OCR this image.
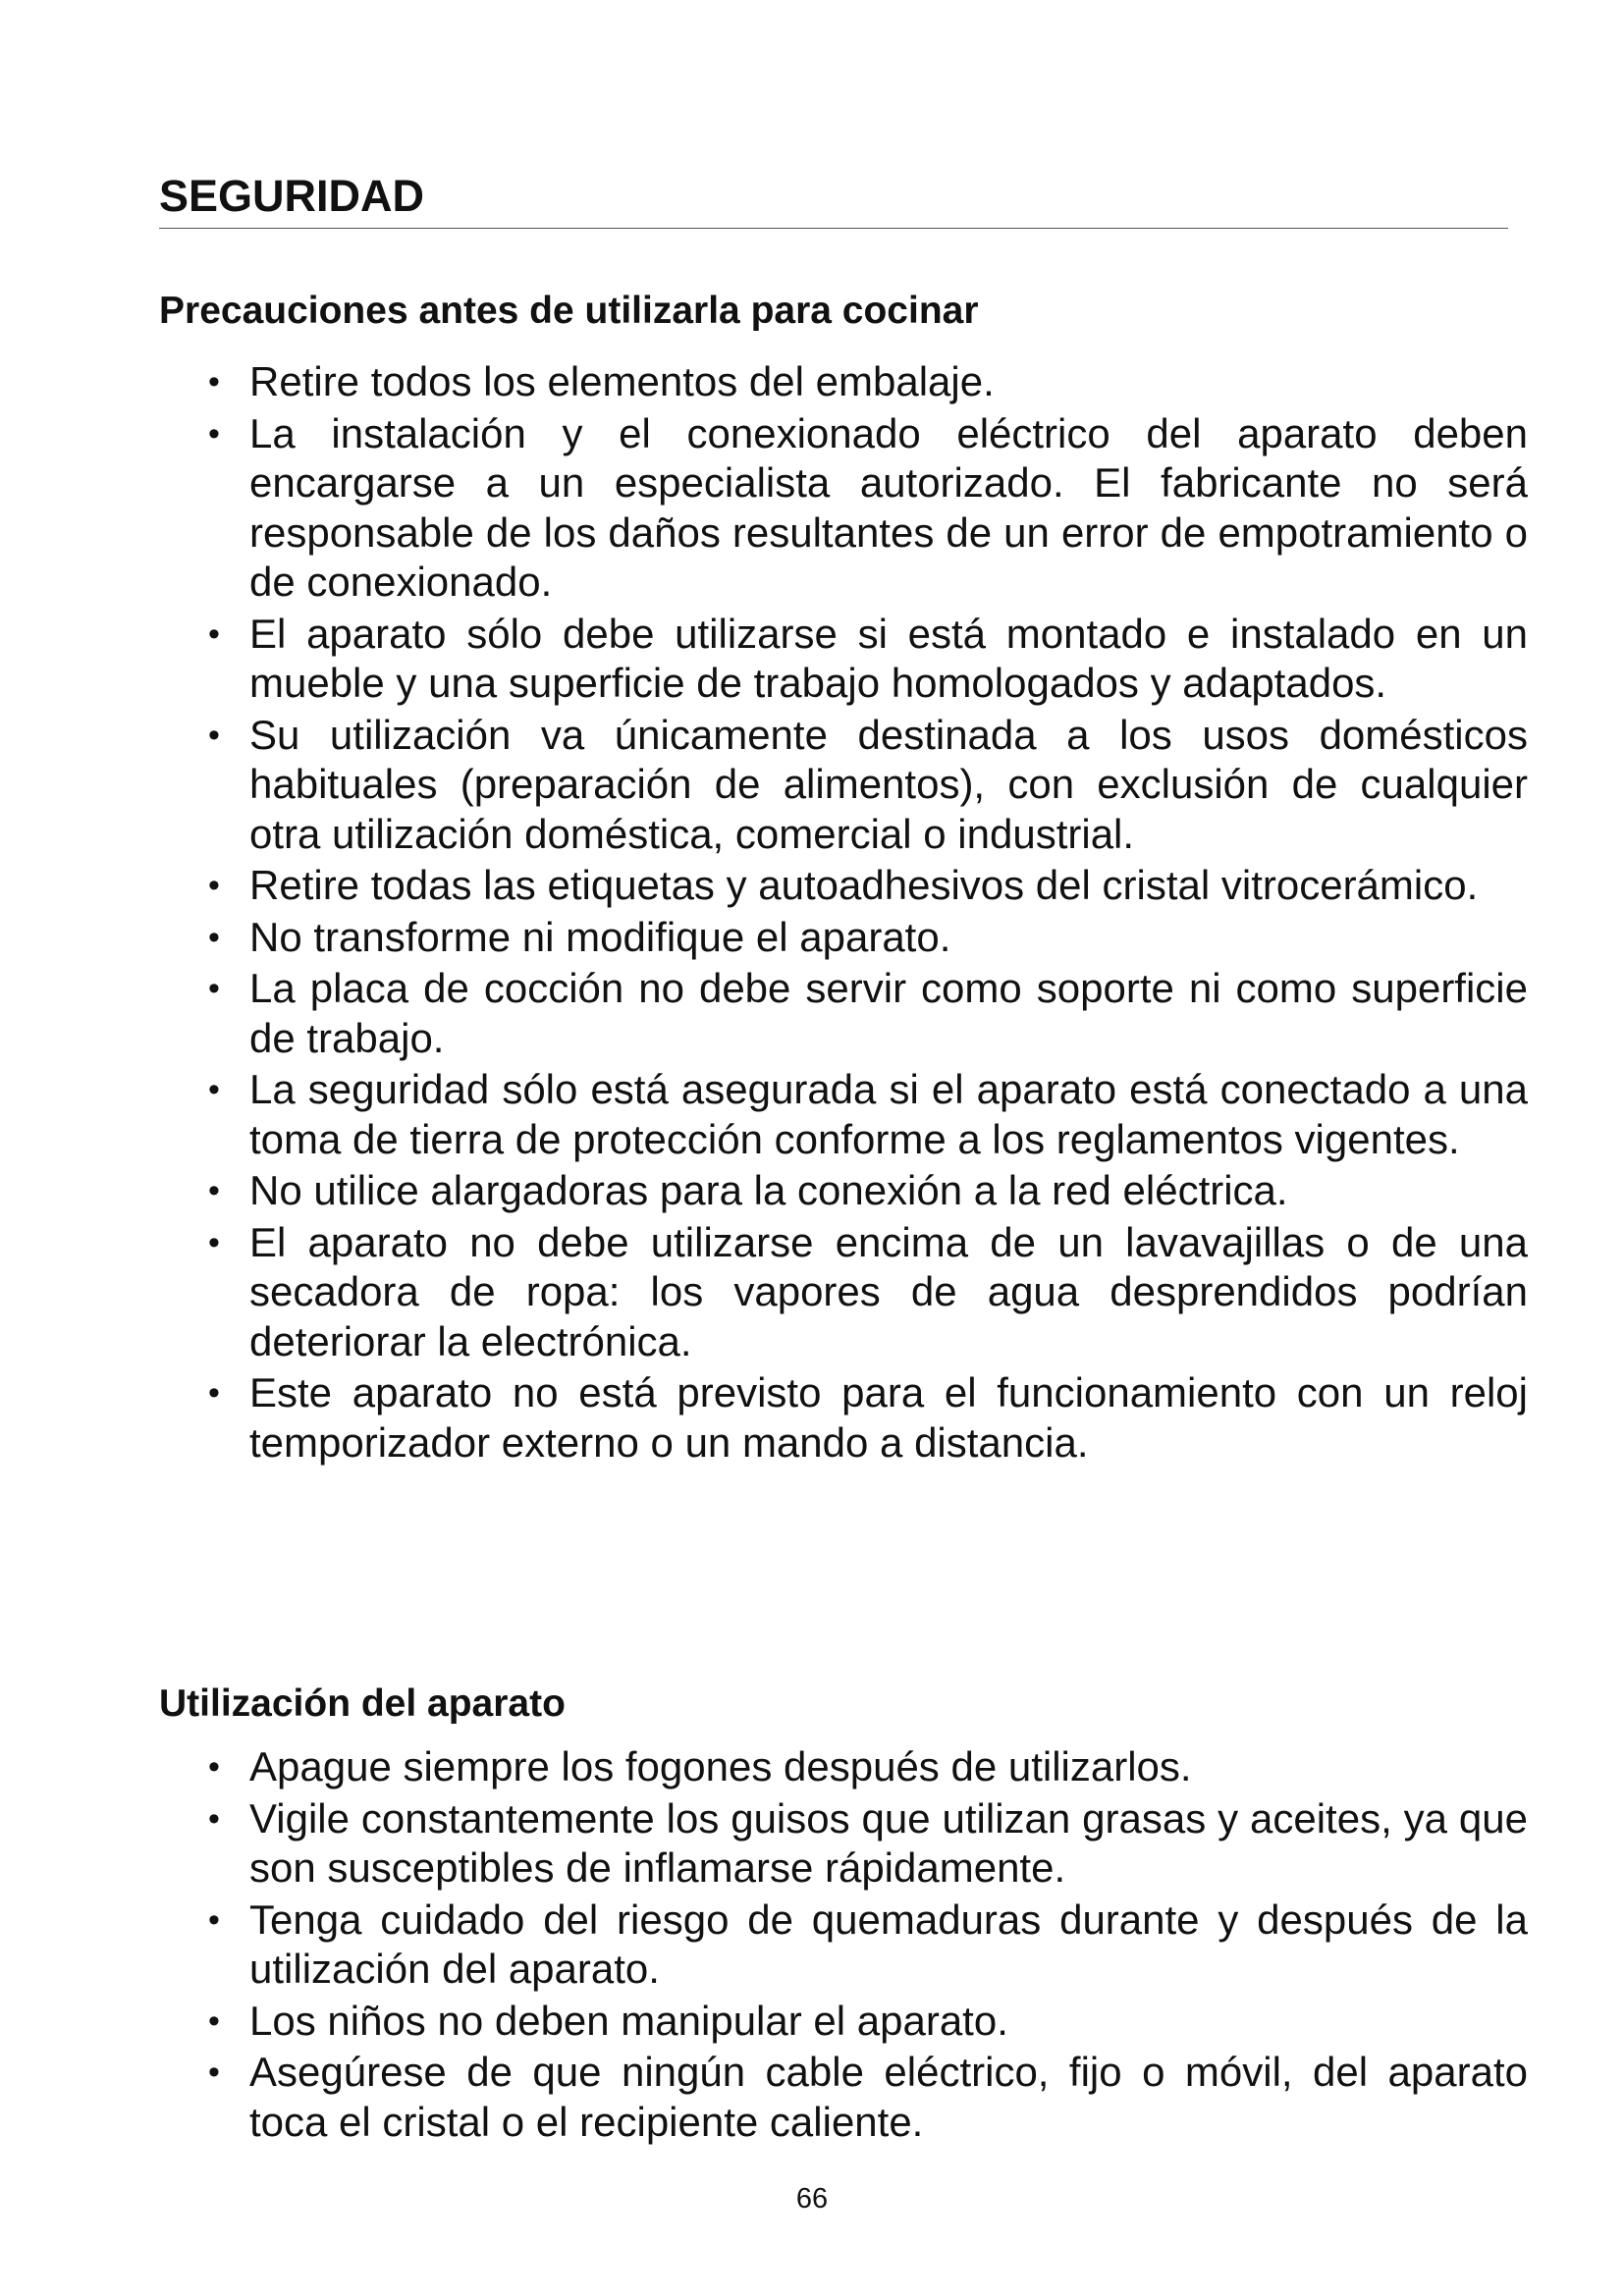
SEGURIDAD
Precauciones antes de utilizarla para cocinar
• Retire todos los elementos del embalaje.
• La instalación y el conexionado eléctrico del aparato deben encargarse a un especialista autorizado. El fabricante no será responsable de los daños resultantes de un error de empotramiento o de conexionado.
• El aparato sólo debe utilizarse si está montado e instalado en un mueble y una superficie de trabajo homologados y adaptados.
• Su utilización va únicamente destinada a los usos domésticos habituales (preparación de alimentos), con exclusión de cualquier otra utilización doméstica, comercial o industrial.
• Retire todas las etiquetas y autoadhesivos del cristal vitrocerámico.
• No transforme ni modifique el aparato.
• La placa de cocción no debe servir como soporte ni como superficie de trabajo.
• La seguridad sólo está asegurada si el aparato está conectado a una toma de tierra de protección conforme a los reglamentos vigentes.
• No utilice alargadoras para la conexión a la red eléctrica.
• El aparato no debe utilizarse encima de un lavavajillas o de una secadora de ropa: los vapores de agua desprendidos podrían deteriorar la electrónica.
• Este aparato no está previsto para el funcionamiento con un reloj temporizador externo o un mando a distancia.
Utilización del aparato
• Apague siempre los fogones después de utilizarlos.
• Vigile constantemente los guisos que utilizan grasas y aceites, ya que son susceptibles de inflamarse rápidamente.
• Tenga cuidado del riesgo de quemaduras durante y después de la utilización del aparato.
• Los niños no deben manipular el aparato.
• Asegúrese de que ningún cable eléctrico, fijo o móvil, del aparato toca el cristal o el recipiente caliente.

66
